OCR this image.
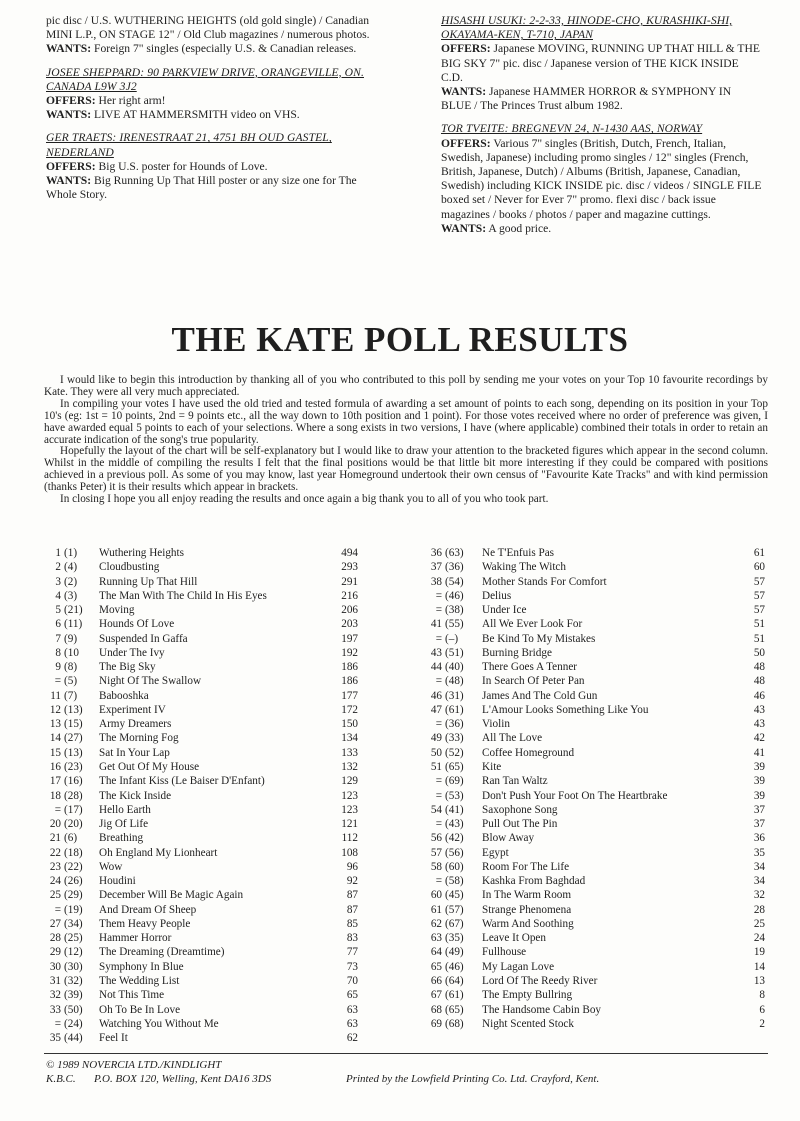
pic disc / U.S. WUTHERING HEIGHTS (old gold single) / Canadian MINI L.P., ON STAGE 12" / Old Club magazines / numerous photos.

WANTS: Foreign 7" singles (especially U.S. & Canadian releases.

JOSEE SHEPPARD: 90 PARKVIEW DRIVE, ORANGEVILLE, ON. CANADA L9W 3J2

OFFERS: Her right arm!

WANTS: LIVE AT HAMMERSMITH video on VHS.

GER TRAETS: IRENESTRAAT 21, 4751 BH OUD GASTEL, NEDERLAND

OFFERS: Big U.S. poster for Hounds of Love.

WANTS: Big Running Up That Hill poster or any size one for The Whole Story.

HISASHI USUKI: 2-2-33, HINODE-CHO, KURASHIKI-SHI, OKAYAMA-KEN, T-710, JAPAN

OFFERS: Japanese MOVING, RUNNING UP THAT HILL & THE BIG SKY 7" pic. disc / Japanese version of THE KICK INSIDE C.D.

WANTS: Japanese HAMMER HORROR & SYMPHONY IN BLUE / The Princes Trust album 1982.

TOR TVEITE: BREGNEVN 24, N-1430 AAS, NORWAY

OFFERS: Various 7" singles (British, Dutch, French, Italian, Swedish, Japanese) including promo singles / 12" singles (French, British, Japanese, Dutch) / Albums (British, Japanese, Canadian, Swedish) including KICK INSIDE pic. disc / videos / SINGLE FILE boxed set / Never for Ever 7" promo. flexi disc / back issue magazines / books / photos / paper and magazine cuttings.

WANTS: A good price.

THE KATE POLL RESULTS

I would like to begin this introduction by thanking all of you who contributed to this poll by sending me your votes on your Top 10 favourite recordings by Kate. They were all very much appreciated.

In compiling your votes I have used the old tried and tested formula of awarding a set amount of points to each song, depending on its position in your Top 10's (eg: 1st = 10 points, 2nd = 9 points etc., all the way down to 10th position and 1 point). For those votes received where no order of preference was given, I have awarded equal 5 points to each of your selections. Where a song exists in two versions, I have (where applicable) combined their totals in order to retain an accurate indication of the song's true popularity.

Hopefully the layout of the chart will be self-explanatory but I would like to draw your attention to the bracketed figures which appear in the second column. Whilst in the middle of compiling the results I felt that the final positions would be that little bit more interesting if they could be compared with positions achieved in a previous poll. As some of you may know, last year Homeground undertook their own census of "Favourite Kate Tracks" and with kind permission (thanks Peter) it is their results which appear in brackets.

In closing I hope you all enjoy reading the results and once again a big thank you to all of you who took part.

1 (1)	Wuthering Heights	494
2 (4)	Cloudbusting	293
3 (2)	Running Up That Hill	291
4 (3)	The Man With The Child In His Eyes	216
5 (21)	Moving	206
6 (11)	Hounds Of Love	203
7 (9)	Suspended In Gaffa	197
8 (10	Under The Ivy	192
9 (8)	The Big Sky	186
= (5)	Night Of The Swallow	186
11 (7)	Babooshka	177
12 (13)	Experiment IV	172
13 (15)	Army Dreamers	150
14 (27)	The Morning Fog	134
15 (13)	Sat In Your Lap	133
16 (23)	Get Out Of My House	132
17 (16)	The Infant Kiss (Le Baiser D'Enfant)	129
18 (28)	The Kick Inside	123
= (17)	Hello Earth	123
20 (20)	Jig Of Life	121
21 (6)	Breathing	112
22 (18)	Oh England My Lionheart	108
23 (22)	Wow	96
24 (26)	Houdini	92
25 (29)	December Will Be Magic Again	87
= (19)	And Dream Of Sheep	87
27 (34)	Them Heavy People	85
28 (25)	Hammer Horror	83
29 (12)	The Dreaming (Dreamtime)	77
30 (30)	Symphony In Blue	73
31 (32)	The Wedding List	70
32 (39)	Not This Time	65
33 (50)	Oh To Be In Love	63
= (24)	Watching You Without Me	63
35 (44)	Feel It	62
36 (63)	Ne T'Enfuis Pas	61
37 (36)	Waking The Witch	60
38 (54)	Mother Stands For Comfort	57
= (46)	Delius	57
= (38)	Under Ice	57
41 (55)	All We Ever Look For	51
= (–)	Be Kind To My Mistakes	51
43 (51)	Burning Bridge	50
44 (40)	There Goes A Tenner	48
= (48)	In Search Of Peter Pan	48
46 (31)	James And The Cold Gun	46
47 (61)	L'Amour Looks Something Like You	43
= (36)	Violin	43
49 (33)	All The Love	42
50 (52)	Coffee Homeground	41
51 (65)	Kite	39
= (69)	Ran Tan Waltz	39
= (53)	Don't Push Your Foot On The Heartbrake	39
54 (41)	Saxophone Song	37
= (43)	Pull Out The Pin	37
56 (42)	Blow Away	36
57 (56)	Egypt	35
58 (60)	Room For The Life	34
= (58)	Kashka From Baghdad	34
60 (45)	In The Warm Room	32
61 (57)	Strange Phenomena	28
62 (67)	Warm And Soothing	25
63 (35)	Leave It Open	24
64 (49)	Fullhouse	19
65 (46)	My Lagan Love	14
66 (64)	Lord Of The Reedy River	13
67 (61)	The Empty Bullring	8
68 (65)	The Handsome Cabin Boy	6
69 (68)	Night Scented Stock	2
© 1989 NOVERCIA LTD./KINDLIGHT
K.B.C. P.O. BOX 120, Welling, Kent DA16 3DS	Printed by the Lowfield Printing Co. Ltd. Crayford, Kent.
